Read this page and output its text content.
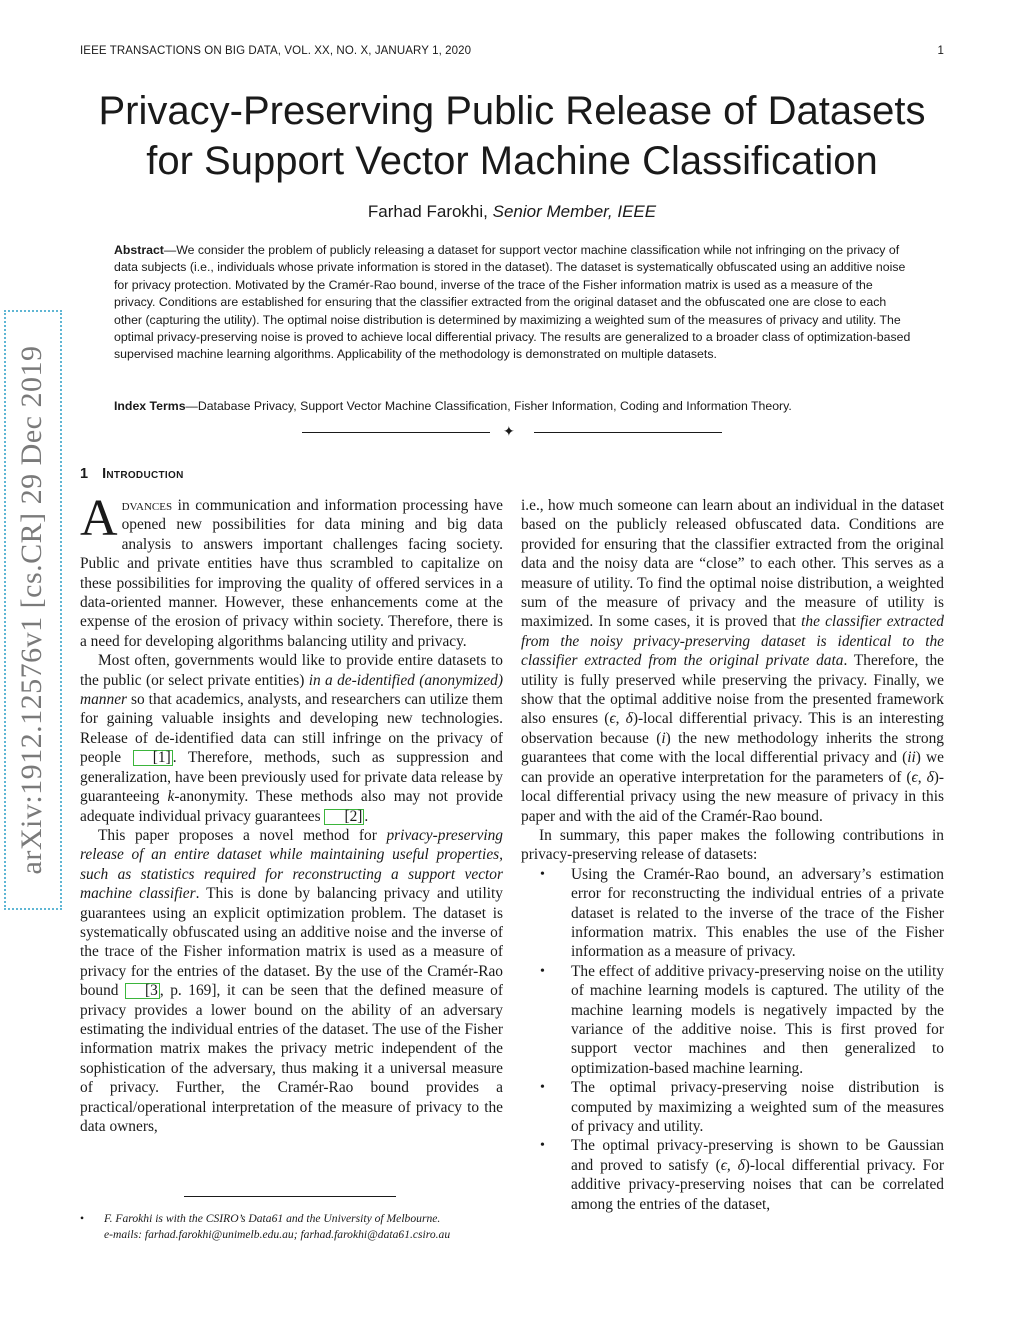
IEEE TRANSACTIONS ON BIG DATA, VOL. XX, NO. X, JANUARY 1, 2020	1
Privacy-Preserving Public Release of Datasets
for Support Vector Machine Classification
Farhad Farokhi, Senior Member, IEEE

Abstract—We consider the problem of publicly releasing a dataset for support vector machine classification while not infringing on the privacy of data subjects (i.e., individuals whose private information is stored in the dataset). The dataset is systematically obfuscated using an additive noise for privacy protection. Motivated by the Cramér-Rao bound, inverse of the trace of the Fisher information matrix is used as a measure of the privacy. Conditions are established for ensuring that the classifier extracted from the original dataset and the obfuscated one are close to each other (capturing the utility). The optimal noise distribution is determined by maximizing a weighted sum of the measures of privacy and utility. The optimal privacy-preserving noise is proved to achieve local differential privacy. The results are generalized to a broader class of optimization-based supervised machine learning algorithms. Applicability of the methodology is demonstrated on multiple datasets.

Index Terms—Database Privacy, Support Vector Machine Classification, Fisher Information, Coding and Information Theory.

✦
arXiv:1912.12576v1 [cs.CR] 29 Dec 2019	1 Introduction

Advances in communication and information processing have opened new possibilities for data mining and big data analysis to answers important challenges facing society. Public and private entities have thus scrambled to capitalize on these possibilities for improving the quality of offered services in a data-oriented manner. However, these enhancements come at the expense of the erosion of privacy within society. Therefore, there is a need for developing algorithms balancing utility and privacy.

Most often, governments would like to provide entire datasets to the public (or select private entities) in a de-identified (anonymized) manner so that academics, analysts, and researchers can utilize them for gaining valuable insights and developing new technologies. Release of de-identified data can still infringe on the privacy of people [1] . Therefore, methods, such as suppression and generalization, have been previously used for private data release by guaranteeing k-anonymity. These methods also may not provide adequate individual privacy guarantees [2] .

This paper proposes a novel method for privacy-preserving release of an entire dataset while maintaining useful properties, such as statistics required for reconstructing a support vector machine classifier. This is done by balancing privacy and utility guarantees using an explicit optimization problem. The dataset is systematically obfuscated using an additive noise and the inverse of the trace of the Fisher information matrix is used as a measure of privacy for the entries of the dataset. By the use of the Cramér-Rao bound [3 , p. 169], it can be seen that the defined measure of privacy provides a lower bound on the ability of an adversary estimating the individual entries of the dataset. The use of the Fisher information matrix makes the privacy metric independent of the sophistication of the adversary, thus making it a universal measure of privacy. Further, the Cramér-Rao bound provides a practical/operational interpretation of the measure of privacy to the data owners,

i.e., how much someone can learn about an individual in the dataset based on the publicly released obfuscated data. Conditions are provided for ensuring that the classifier extracted from the original data and the noisy data are “close” to each other. This serves as a measure of utility. To find the optimal noise distribution, a weighted sum of the measure of privacy and the measure of utility is maximized. In some cases, it is proved that the classifier extracted from the noisy privacy-preserving dataset is identical to the classifier extracted from the original private data. Therefore, the utility is fully preserved while preserving the privacy. Finally, we show that the optimal additive noise from the presented framework also ensures (ϵ, δ)-local differential privacy. This is an interesting observation because (i) the new methodology inherits the strong guarantees that come with the local differential privacy and (ii) we can provide an operative interpretation for the parameters of (ϵ, δ)-local differential privacy using the new measure of privacy in this paper and with the aid of the Cramér-Rao bound.

In summary, this paper makes the following contributions in privacy-preserving release of datasets:

• Using the Cramér-Rao bound, an adversary’s estimation error for reconstructing the individual entries of a private dataset is related to the inverse of the trace of the Fisher information matrix. This enables the use of the Fisher information as a measure of privacy.
• The effect of additive privacy-preserving noise on the utility of machine learning models is captured. The utility of the machine learning models is negatively impacted by the variance of the additive noise. This is first proved for support vector machines and then generalized to optimization-based machine learning.
• The optimal privacy-preserving noise distribution is computed by maximizing a weighted sum of the measures of privacy and utility.
• The optimal privacy-preserving is shown to be Gaussian and proved to satisfy (ϵ, δ)-local differential privacy. For additive privacy-preserving noises that can be correlated among the entries of the dataset,
• F. Farokhi is with the CSIRO’s Data61 and the University of Melbourne.
e-mails: farhad.farokhi@unimelb.edu.au; farhad.farokhi@data61.csiro.au
